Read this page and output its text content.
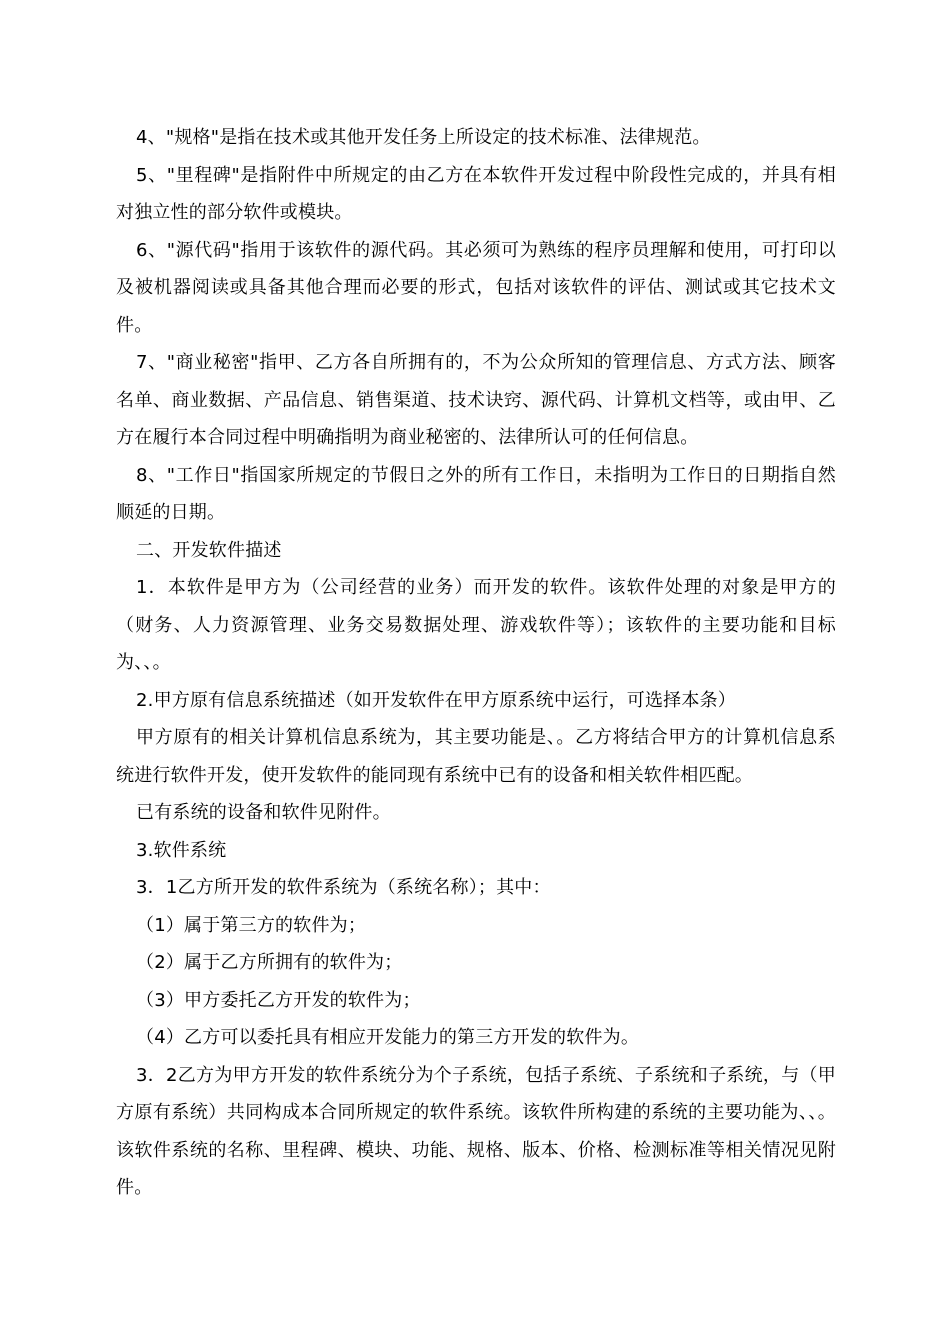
4、"规格"是指在技术或其他开发任务上所设定的技术标准、法律规范。

5、"里程碑"是指附件中所规定的由乙方在本软件开发过程中阶段性完成的，并具有相对独立性的部分软件或模块。

6、"源代码"指用于该软件的源代码。其必须可为熟练的程序员理解和使用，可打印以及被机器阅读或具备其他合理而必要的形式，包括对该软件的评估、测试或其它技术文件。

7、"商业秘密"指甲、乙方各自所拥有的，不为公众所知的管理信息、方式方法、顾客名单、商业数据、产品信息、销售渠道、技术诀窍、源代码、计算机文档等，或由甲、乙方在履行本合同过程中明确指明为商业秘密的、法律所认可的任何信息。

8、"工作日"指国家所规定的节假日之外的所有工作日，未指明为工作日的日期指自然顺延的日期。

二、开发软件描述

1．本软件是甲方为（公司经营的业务）而开发的软件。该软件处理的对象是甲方的（财务、人力资源管理、业务交易数据处理、游戏软件等）；该软件的主要功能和目标为、、。

2.甲方原有信息系统描述（如开发软件在甲方原系统中运行，可选择本条）

甲方原有的相关计算机信息系统为，其主要功能是、。乙方将结合甲方的计算机信息系统进行软件开发，使开发软件的能同现有系统中已有的设备和相关软件相匹配。

已有系统的设备和软件见附件。

3.软件系统

3．1乙方所开发的软件系统为（系统名称）；其中：

（1）属于第三方的软件为；

（2）属于乙方所拥有的软件为；

（3）甲方委托乙方开发的软件为；

（4）乙方可以委托具有相应开发能力的第三方开发的软件为。

3．2乙方为甲方开发的软件系统分为个子系统，包括子系统、子系统和子系统，与（甲方原有系统）共同构成本合同所规定的软件系统。该软件所构建的系统的主要功能为、、。该软件系统的名称、里程碑、模块、功能、规格、版本、价格、检测标准等相关情况见附件。
